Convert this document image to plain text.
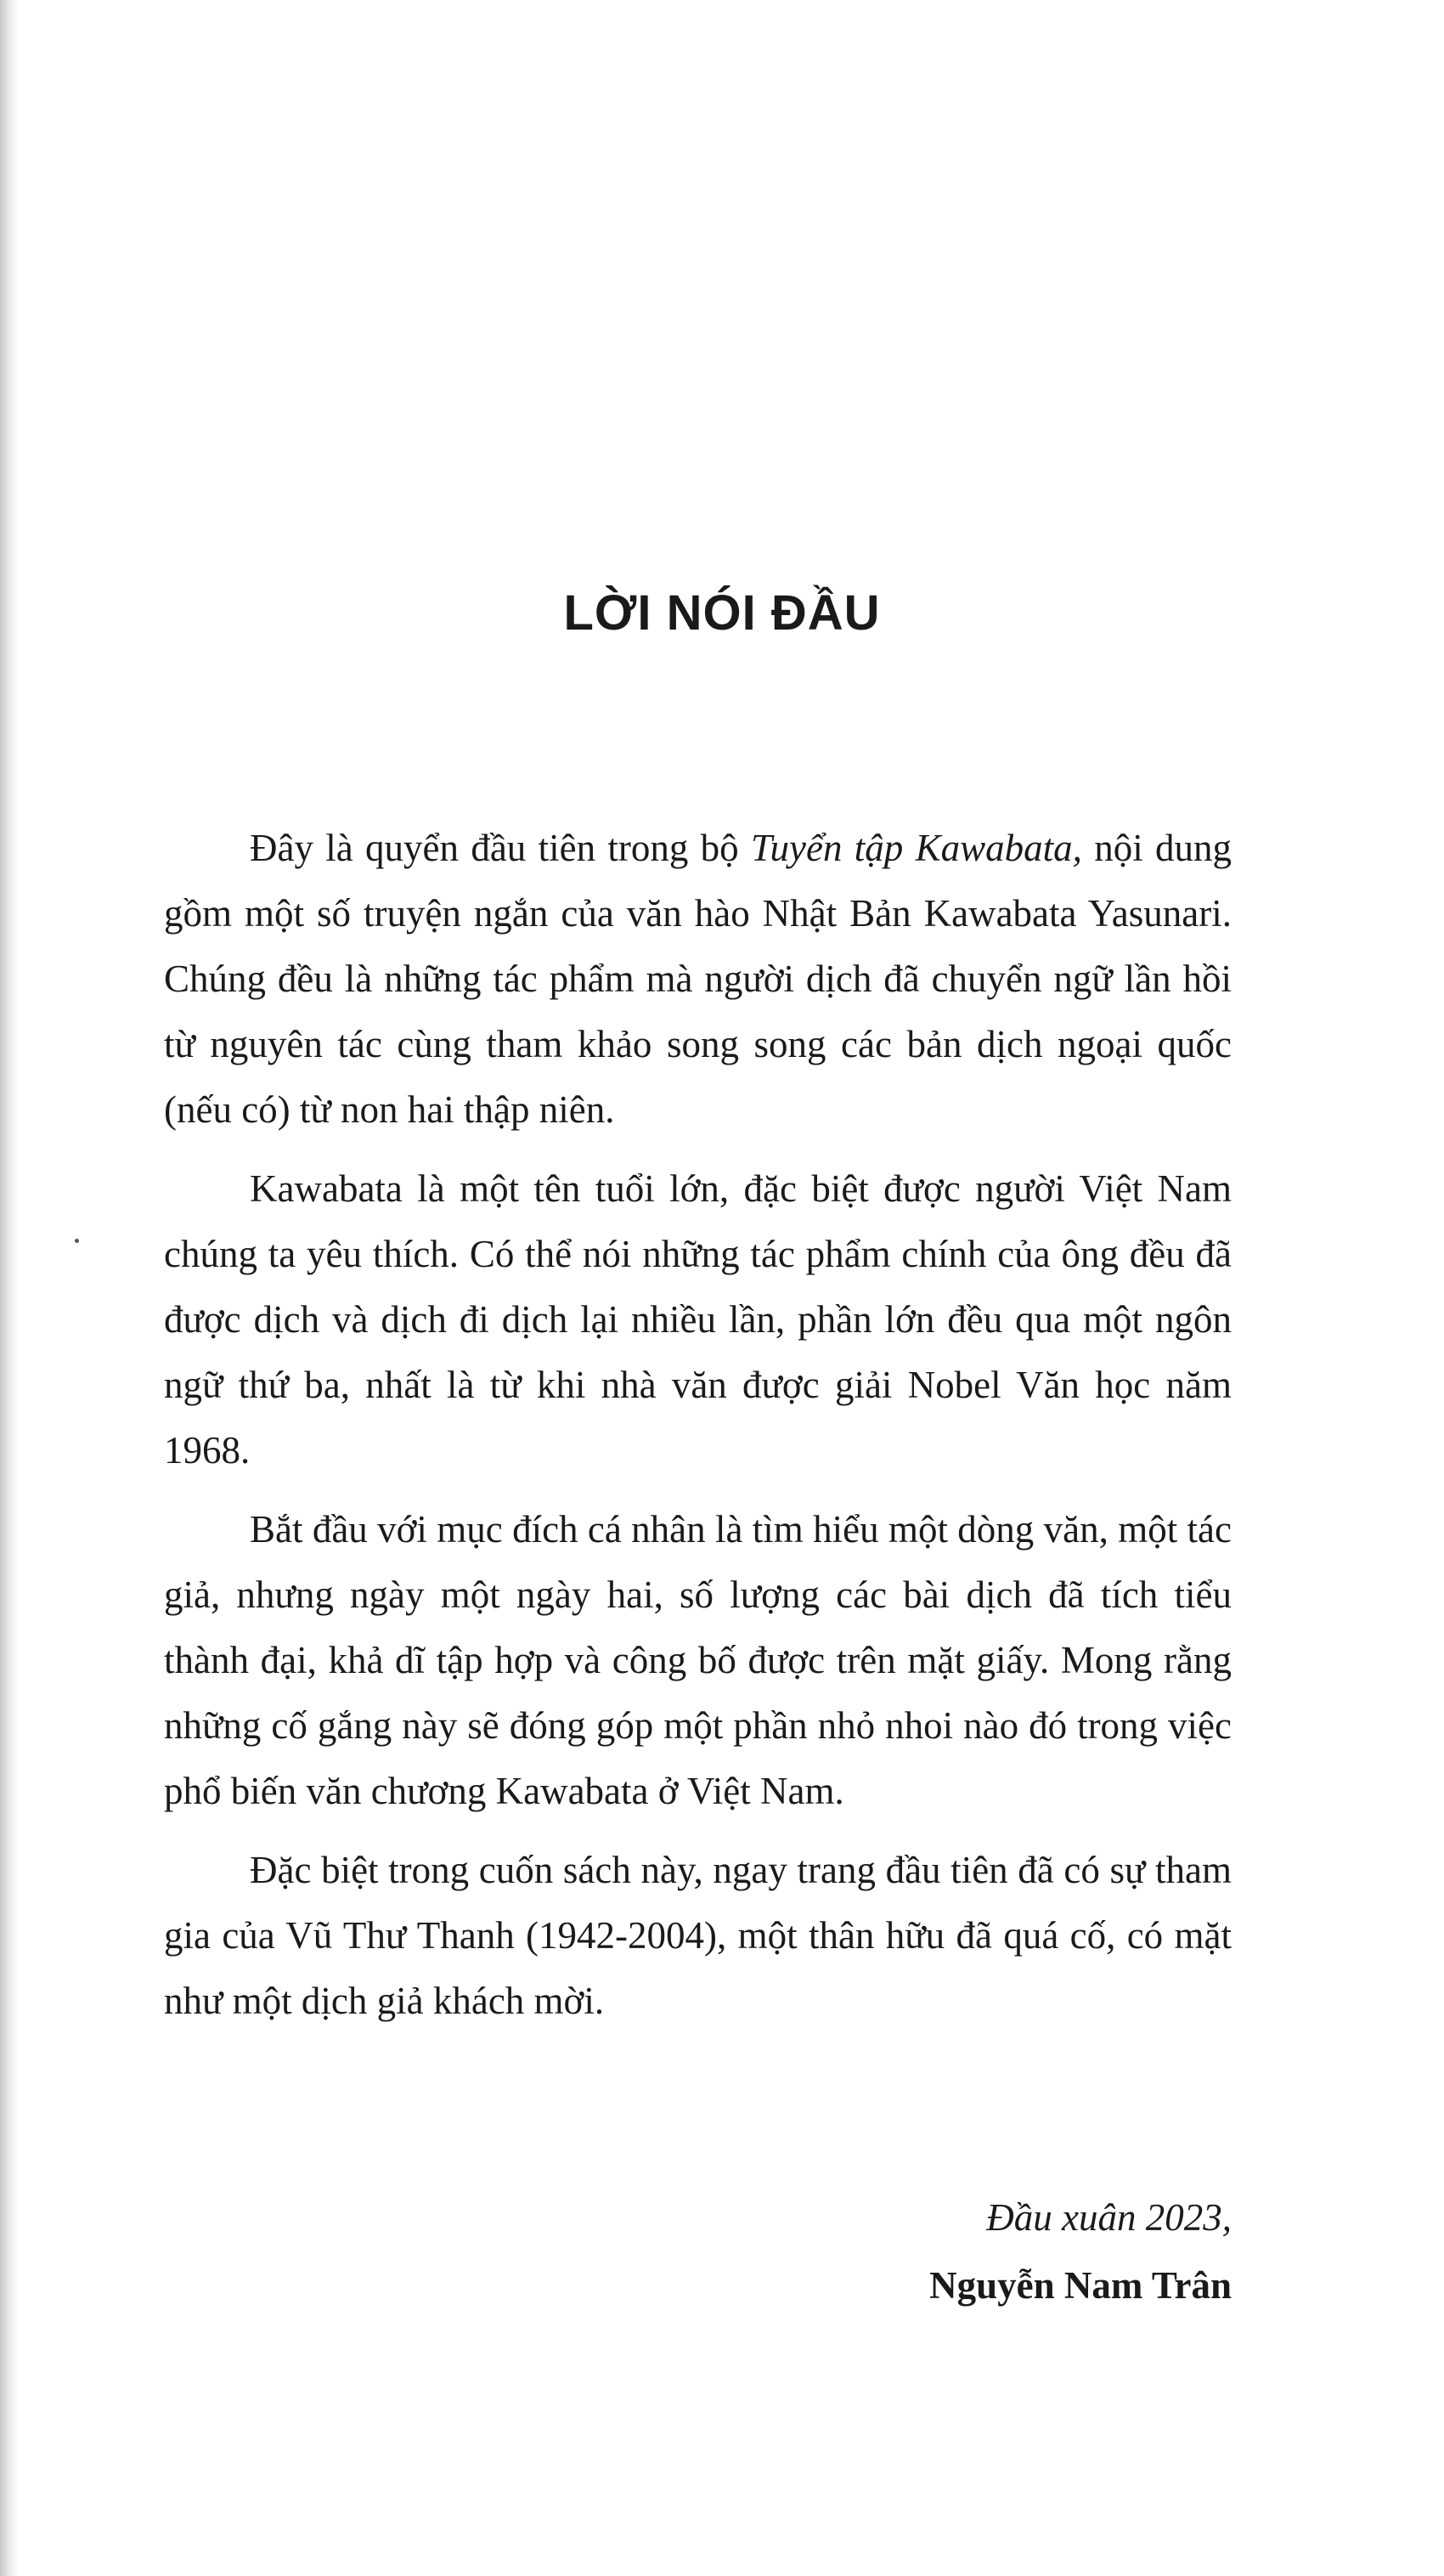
LỜI NÓI ĐẦU

Đây là quyển đầu tiên trong bộ Tuyển tập Kawabata, nội dung gồm một số truyện ngắn của văn hào Nhật Bản Kawabata Yasunari. Chúng đều là những tác phẩm mà người dịch đã chuyển ngữ lần hồi từ nguyên tác cùng tham khảo song song các bản dịch ngoại quốc (nếu có) từ non hai thập niên.

Kawabata là một tên tuổi lớn, đặc biệt được người Việt Nam chúng ta yêu thích. Có thể nói những tác phẩm chính của ông đều đã được dịch và dịch đi dịch lại nhiều lần, phần lớn đều qua một ngôn ngữ thứ ba, nhất là từ khi nhà văn được giải Nobel Văn học năm 1968.

Bắt đầu với mục đích cá nhân là tìm hiểu một dòng văn, một tác giả, nhưng ngày một ngày hai, số lượng các bài dịch đã tích tiểu thành đại, khả dĩ tập hợp và công bố được trên mặt giấy. Mong rằng những cố gắng này sẽ đóng góp một phần nhỏ nhoi nào đó trong việc phổ biến văn chương Kawabata ở Việt Nam.

Đặc biệt trong cuốn sách này, ngay trang đầu tiên đã có sự tham gia của Vũ Thư Thanh (1942-2004), một thân hữu đã quá cố, có mặt như một dịch giả khách mời.

Đầu xuân 2023,
Nguyễn Nam Trân
